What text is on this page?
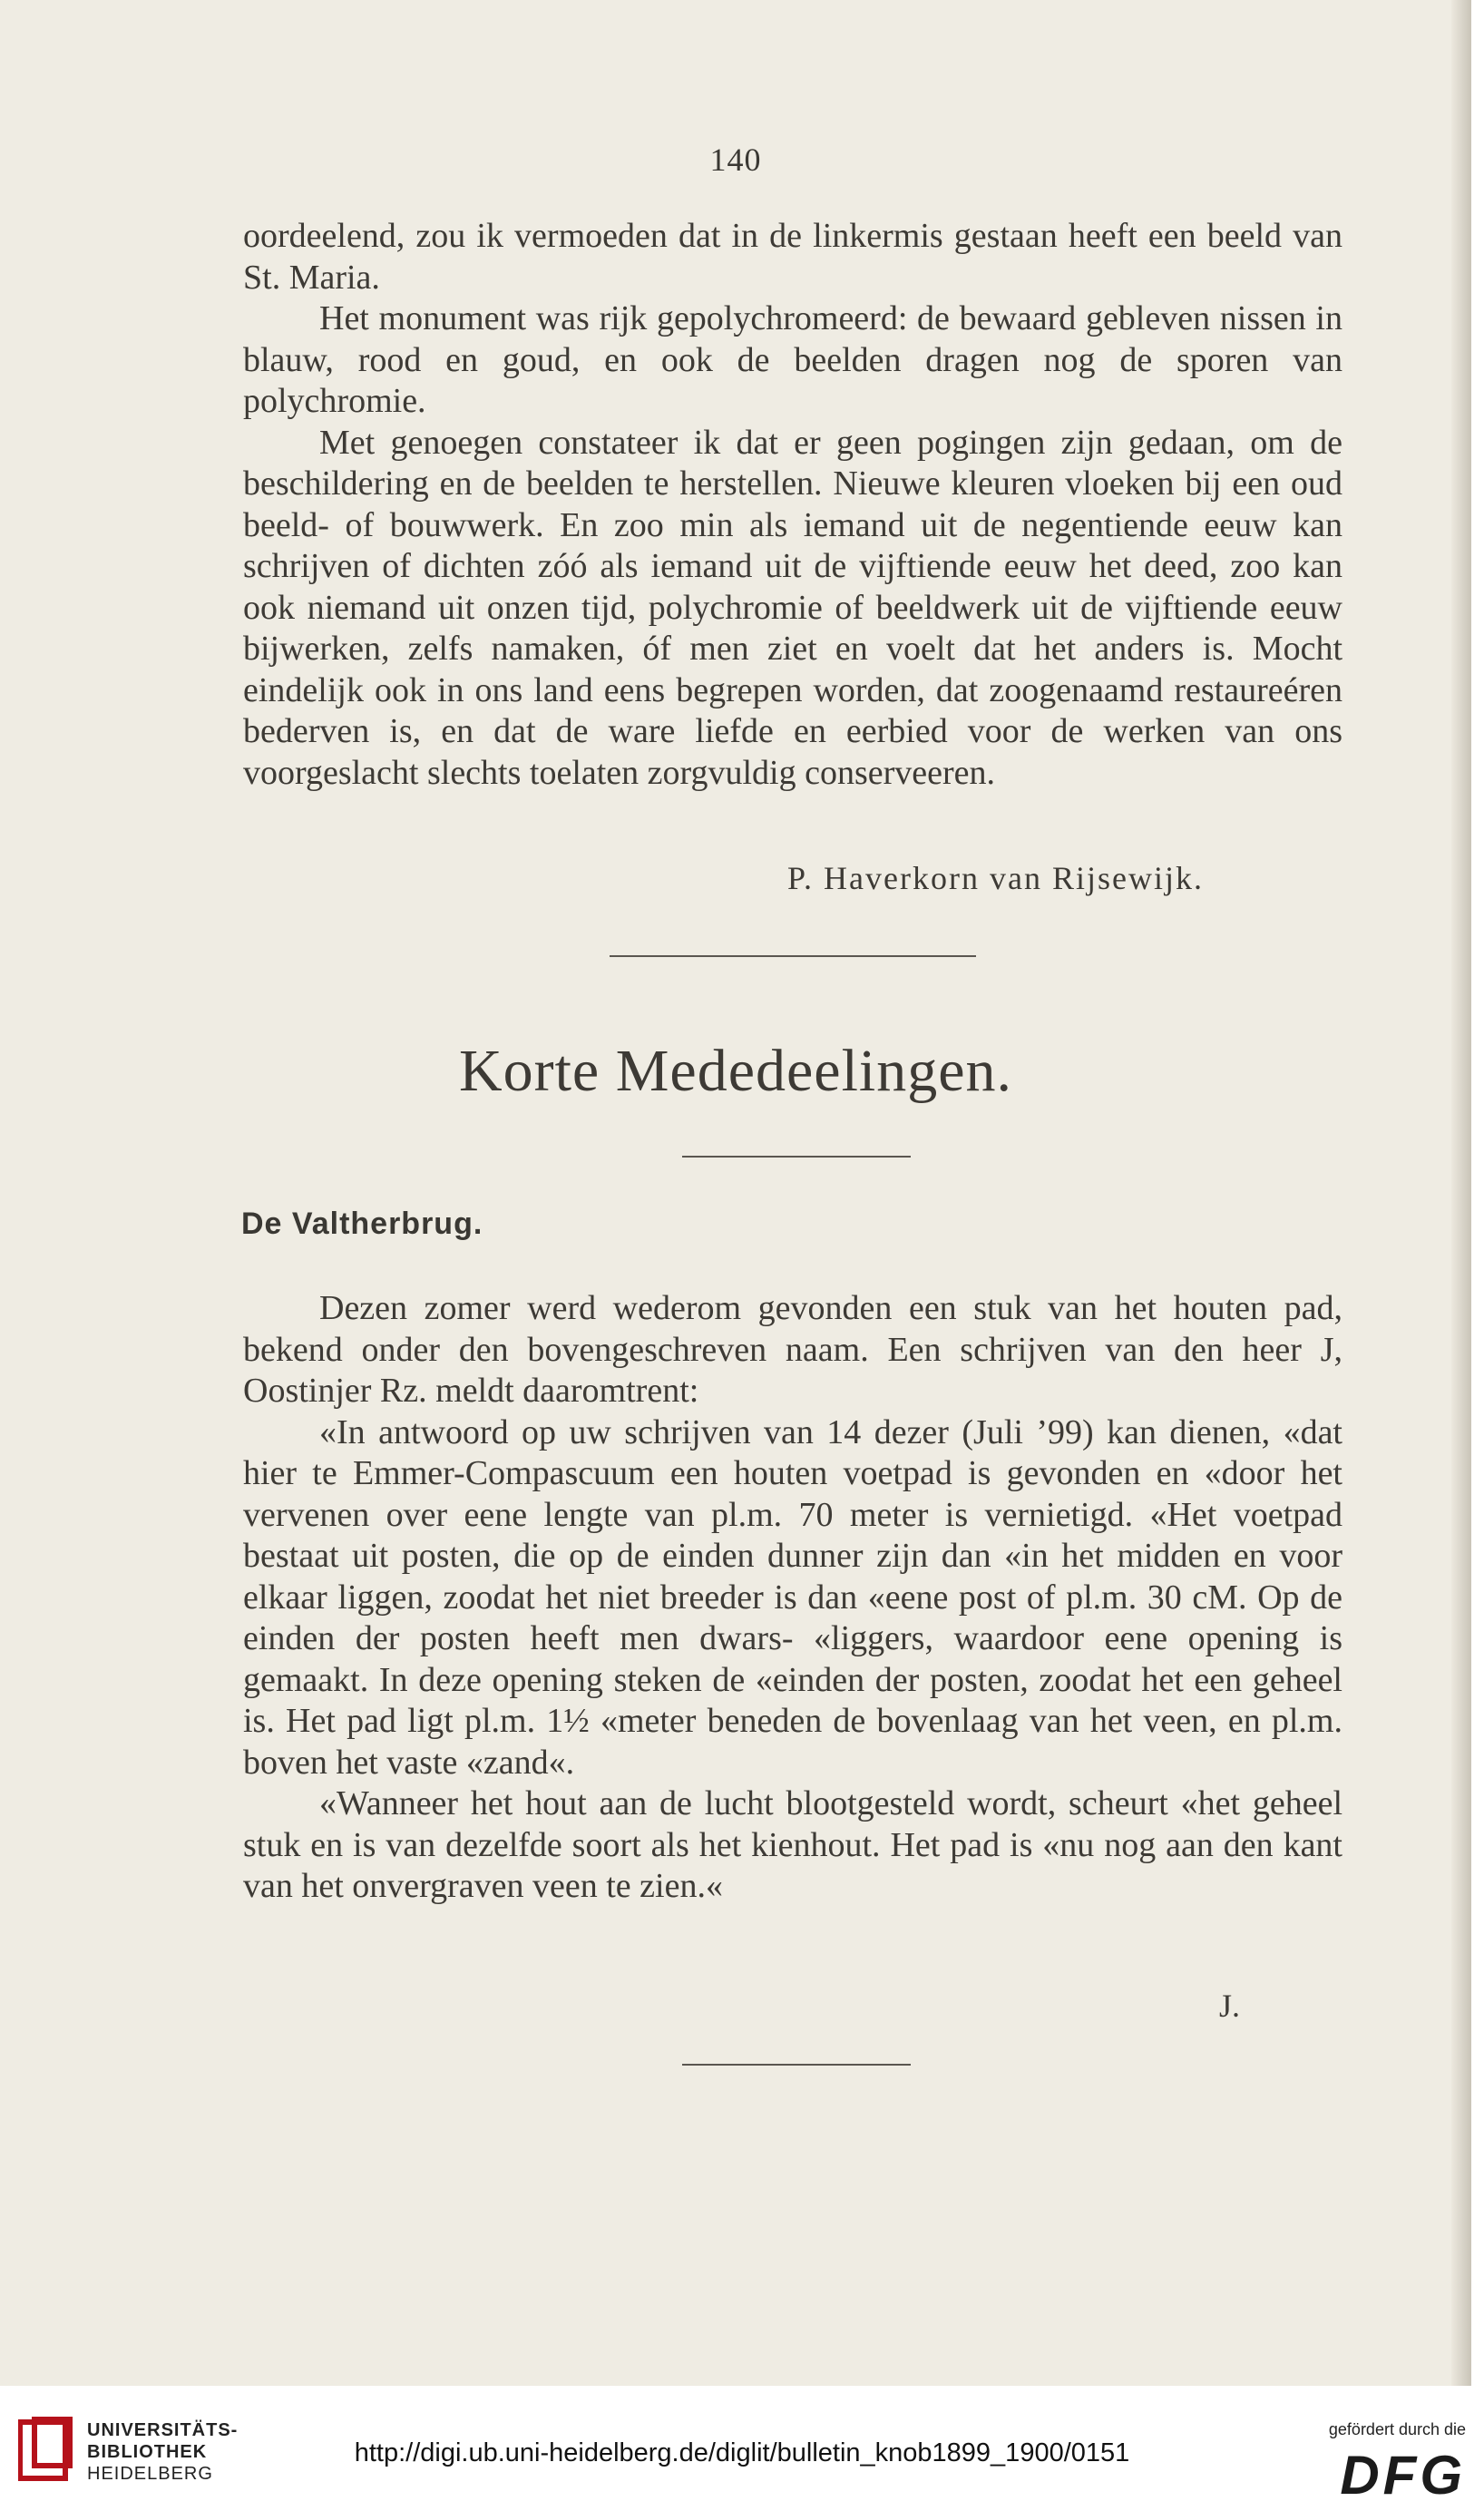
140

oordeelend, zou ik vermoeden dat in de linkermis gestaan heeft een beeld van St. Maria.

Het monument was rijk gepolychromeerd: de bewaard gebleven nissen in blauw, rood en goud, en ook de beelden dragen nog de sporen van polychromie.

Met genoegen constateer ik dat er geen pogingen zijn gedaan, om de beschildering en de beelden te herstellen. Nieuwe kleuren vloeken bij een oud beeld- of bouwwerk. En zoo min als iemand uit de negentiende eeuw kan schrijven of dichten zóó als iemand uit de vijftiende eeuw het deed, zoo kan ook niemand uit onzen tijd, polychromie of beeldwerk uit de vijftiende eeuw bijwerken, zelfs namaken, óf men ziet en voelt dat het anders is. Mocht eindelijk ook in ons land eens begrepen worden, dat zoogenaamd restaureéren bederven is, en dat de ware liefde en eerbied voor de werken van ons voorgeslacht slechts toelaten zorgvuldig conserveeren.

P. Haverkorn van Rijsewijk.
Korte Mededeelingen.
De Valtherbrug.

Dezen zomer werd wederom gevonden een stuk van het houten pad, bekend onder den bovengeschreven naam. Een schrijven van den heer J, Oostinjer Rz. meldt daaromtrent:

«In antwoord op uw schrijven van 14 dezer (Juli ’99) kan dienen, «dat hier te Emmer-Compascuum een houten voetpad is gevonden en «door het vervenen over eene lengte van pl.m. 70 meter is vernietigd. «Het voetpad bestaat uit posten, die op de einden dunner zijn dan «in het midden en voor elkaar liggen, zoodat het niet breeder is dan «eene post of pl.m. 30 cM. Op de einden der posten heeft men dwars- «liggers, waardoor eene opening is gemaakt. In deze opening steken de «einden der posten, zoodat het een geheel is. Het pad ligt pl.m. 1½ «meter beneden de bovenlaag van het veen, en pl.m. boven het vaste «zand«.

«Wanneer het hout aan de lucht blootgesteld wordt, scheurt «het geheel stuk en is van dezelfde soort als het kienhout. Het pad is «nu nog aan den kant van het onvergraven veen te zien.«

J.
UNIVERSITÄTS-
BIBLIOTHEK
HEIDELBERG
http://digi.ub.uni-heidelberg.de/diglit/bulletin_knob1899_1900/0151
gefördert durch die
DFG
